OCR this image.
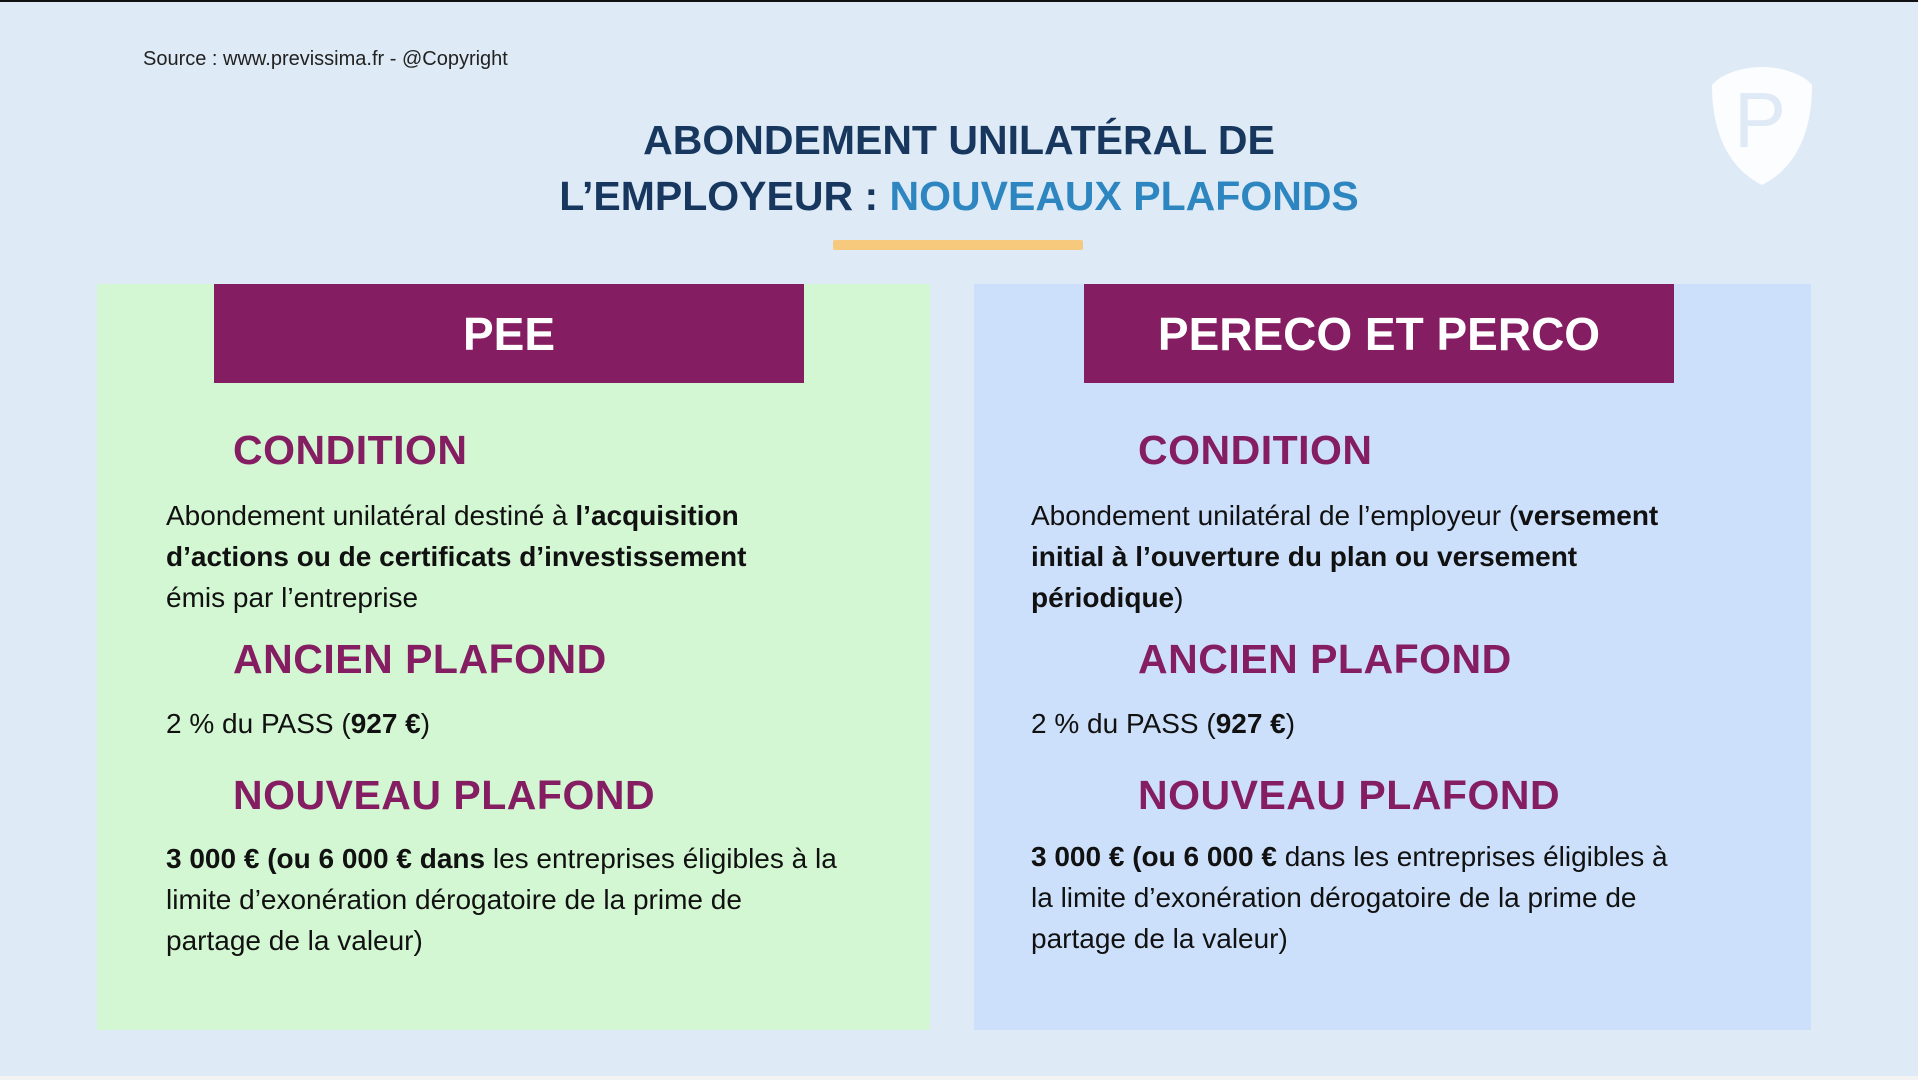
Source : www.previssima.fr - @Copyright
P
ABONDEMENT UNILATÉRAL DE
L’EMPLOYEUR : NOUVEAUX PLAFONDS
PEE
CONDITION
Abondement unilatéral destiné à l’acquisition
d’actions ou de certificats d’investissement
émis par l’entreprise
ANCIEN PLAFOND
2 % du PASS (927 €)
NOUVEAU PLAFOND
3 000 € (ou 6 000 € dans les entreprises éligibles à la
limite d’exonération dérogatoire de la prime de
partage de la valeur)
PERECO ET PERCO
CONDITION
Abondement unilatéral de l’employeur (versement
initial à l’ouverture du plan ou versement
périodique)
ANCIEN PLAFOND
2 % du PASS (927 €)
NOUVEAU PLAFOND
3 000 € (ou 6 000 € dans les entreprises éligibles à
la limite d’exonération dérogatoire de la prime de
partage de la valeur)
